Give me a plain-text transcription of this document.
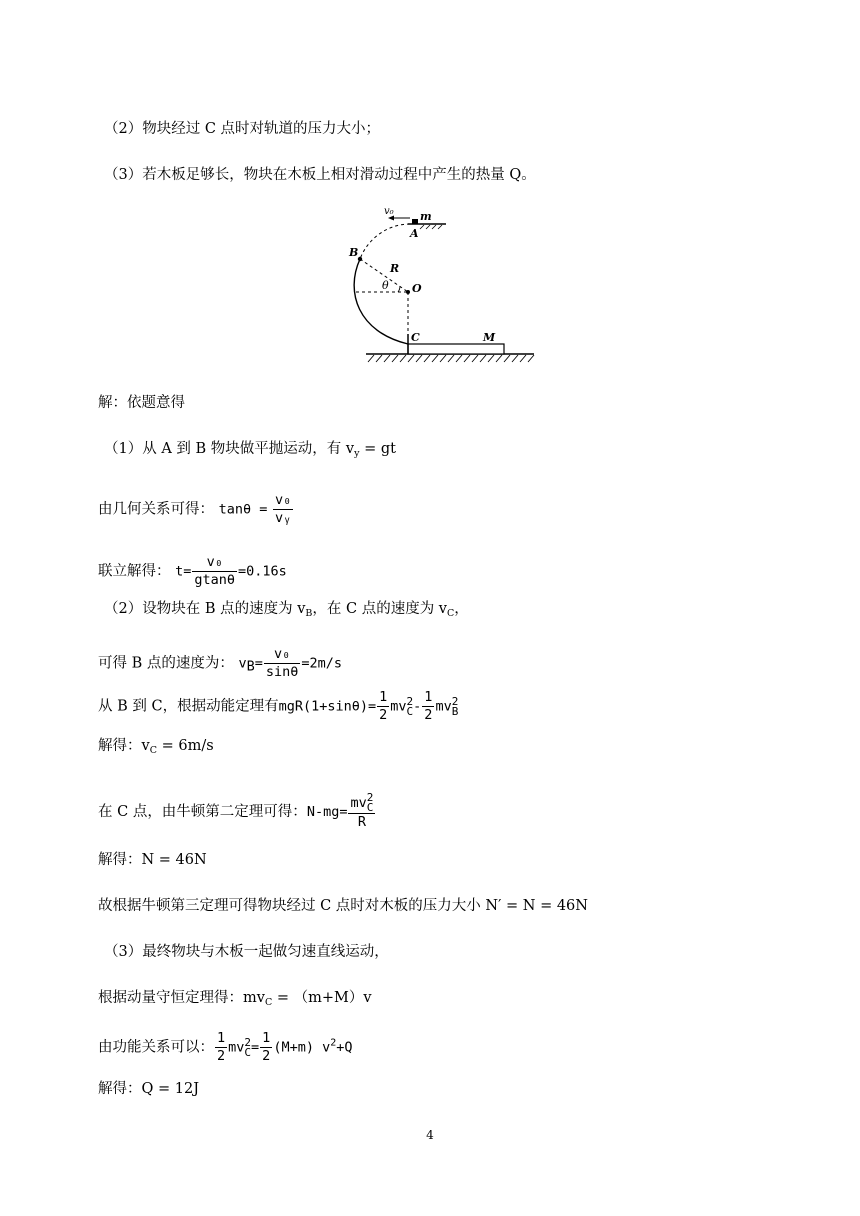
（2）物块经过 C 点时对轨道的压力大小；
（3）若木板足够长，物块在木板上相对滑动过程中产生的热量 Q。
v₀ m
A
B
R
θ O
C	M
解：依题意得
（1）从 A 到 B 物块做平抛运动，有 $v_y$ = gt
由几何关系可得： $\tan\theta = \frac{\text{v₀}}{\text{vᵧ}}$
联立解得： $t= \frac{\text{v₀}}{gtan\theta} =0.16s$
（2）设物块在 B 点的速度为 $v_B$，在 C 点的速度为 $v_C$，
可得 B 点的速度为： $v_B= \frac{\text{v₀}}{\sin\theta} =2m/s$
从 B 到 C，根据动能定理有$mgR(1+\sin\theta)= \frac{1}{2}$ mv 2
C - $\frac{1}{2}$ mv 2
B
解得：$v_C = 6m/s$
在 C 点，由牛顿第二定理可得：N-mg= mv 2
C
R
解得：N = 46N
故根据牛顿第三定理可得物块经过 C 点时对木板的压力大小 N′ = N = 46N
（3）最终物块与木板一起做匀速直线运动，
根据动量守恒定理得：$mv_C = (m+M)v$
由功能关系可以： $\frac{1}{2}$ mv 2
$C = \frac{1}{2} (M+m)$ $v^2+Q$
解得：Q = 12J
4
